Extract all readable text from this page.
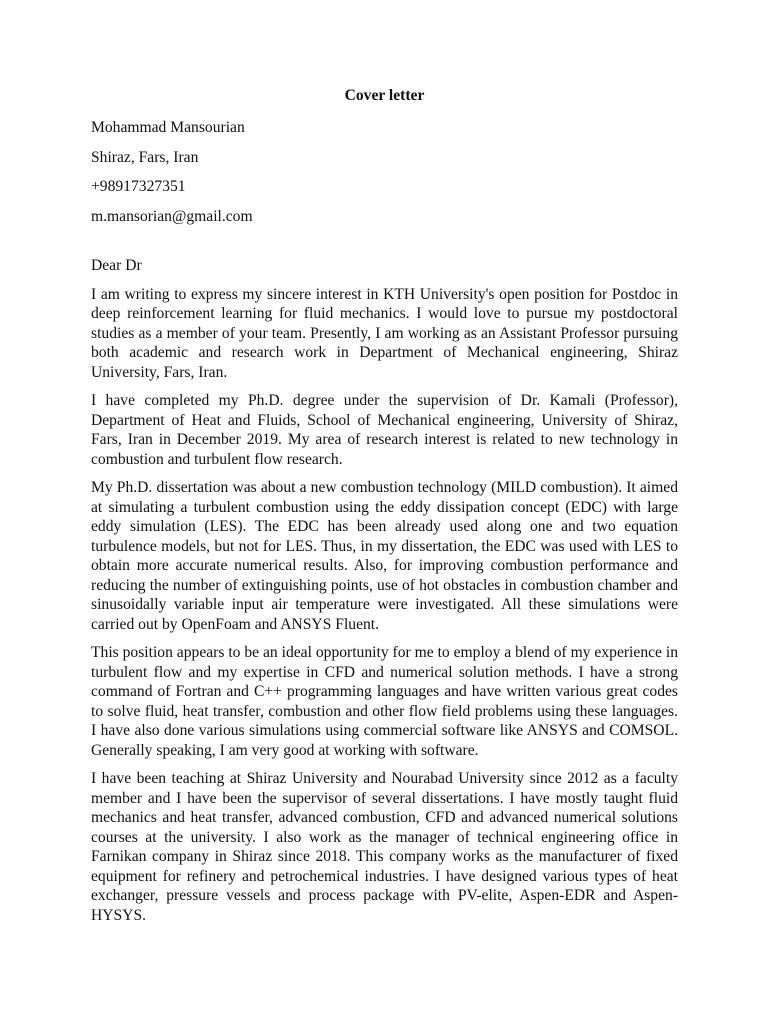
Cover letter
Mohammad Mansourian
Shiraz, Fars, Iran
+98917327351
m.mansorian@gmail.com
Dear Dr

I am writing to express my sincere interest in KTH University's open position for Postdoc in deep reinforcement learning for fluid mechanics. I would love to pursue my postdoctoral studies as a member of your team. Presently, I am working as an Assistant Professor pursuing both academic and research work in Department of Mechanical engineering, Shiraz University, Fars, Iran.

I have completed my Ph.D. degree under the supervision of Dr. Kamali (Professor), Department of Heat and Fluids, School of Mechanical engineering, University of Shiraz, Fars, Iran in December 2019. My area of research interest is related to new technology in combustion and turbulent flow research.

My Ph.D. dissertation was about a new combustion technology (MILD combustion). It aimed at simulating a turbulent combustion using the eddy dissipation concept (EDC) with large eddy simulation (LES). The EDC has been already used along one and two equation turbulence models, but not for LES. Thus, in my dissertation, the EDC was used with LES to obtain more accurate numerical results. Also, for improving combustion performance and reducing the number of extinguishing points, use of hot obstacles in combustion chamber and sinusoidally variable input air temperature were investigated. All these simulations were carried out by OpenFoam and ANSYS Fluent.

This position appears to be an ideal opportunity for me to employ a blend of my experience in turbulent flow and my expertise in CFD and numerical solution methods. I have a strong command of Fortran and C++ programming languages and have written various great codes to solve fluid, heat transfer, combustion and other flow field problems using these languages. I have also done various simulations using commercial software like ANSYS and COMSOL. Generally speaking, I am very good at working with software.

I have been teaching at Shiraz University and Nourabad University since 2012 as a faculty member and I have been the supervisor of several dissertations. I have mostly taught fluid mechanics and heat transfer, advanced combustion, CFD and advanced numerical solutions courses at the university. I also work as the manager of technical engineering office in Farnikan company in Shiraz since 2018. This company works as the manufacturer of fixed equipment for refinery and petrochemical industries. I have designed various types of heat exchanger, pressure vessels and process package with PV-elite, Aspen-EDR and Aspen-HYSYS.
